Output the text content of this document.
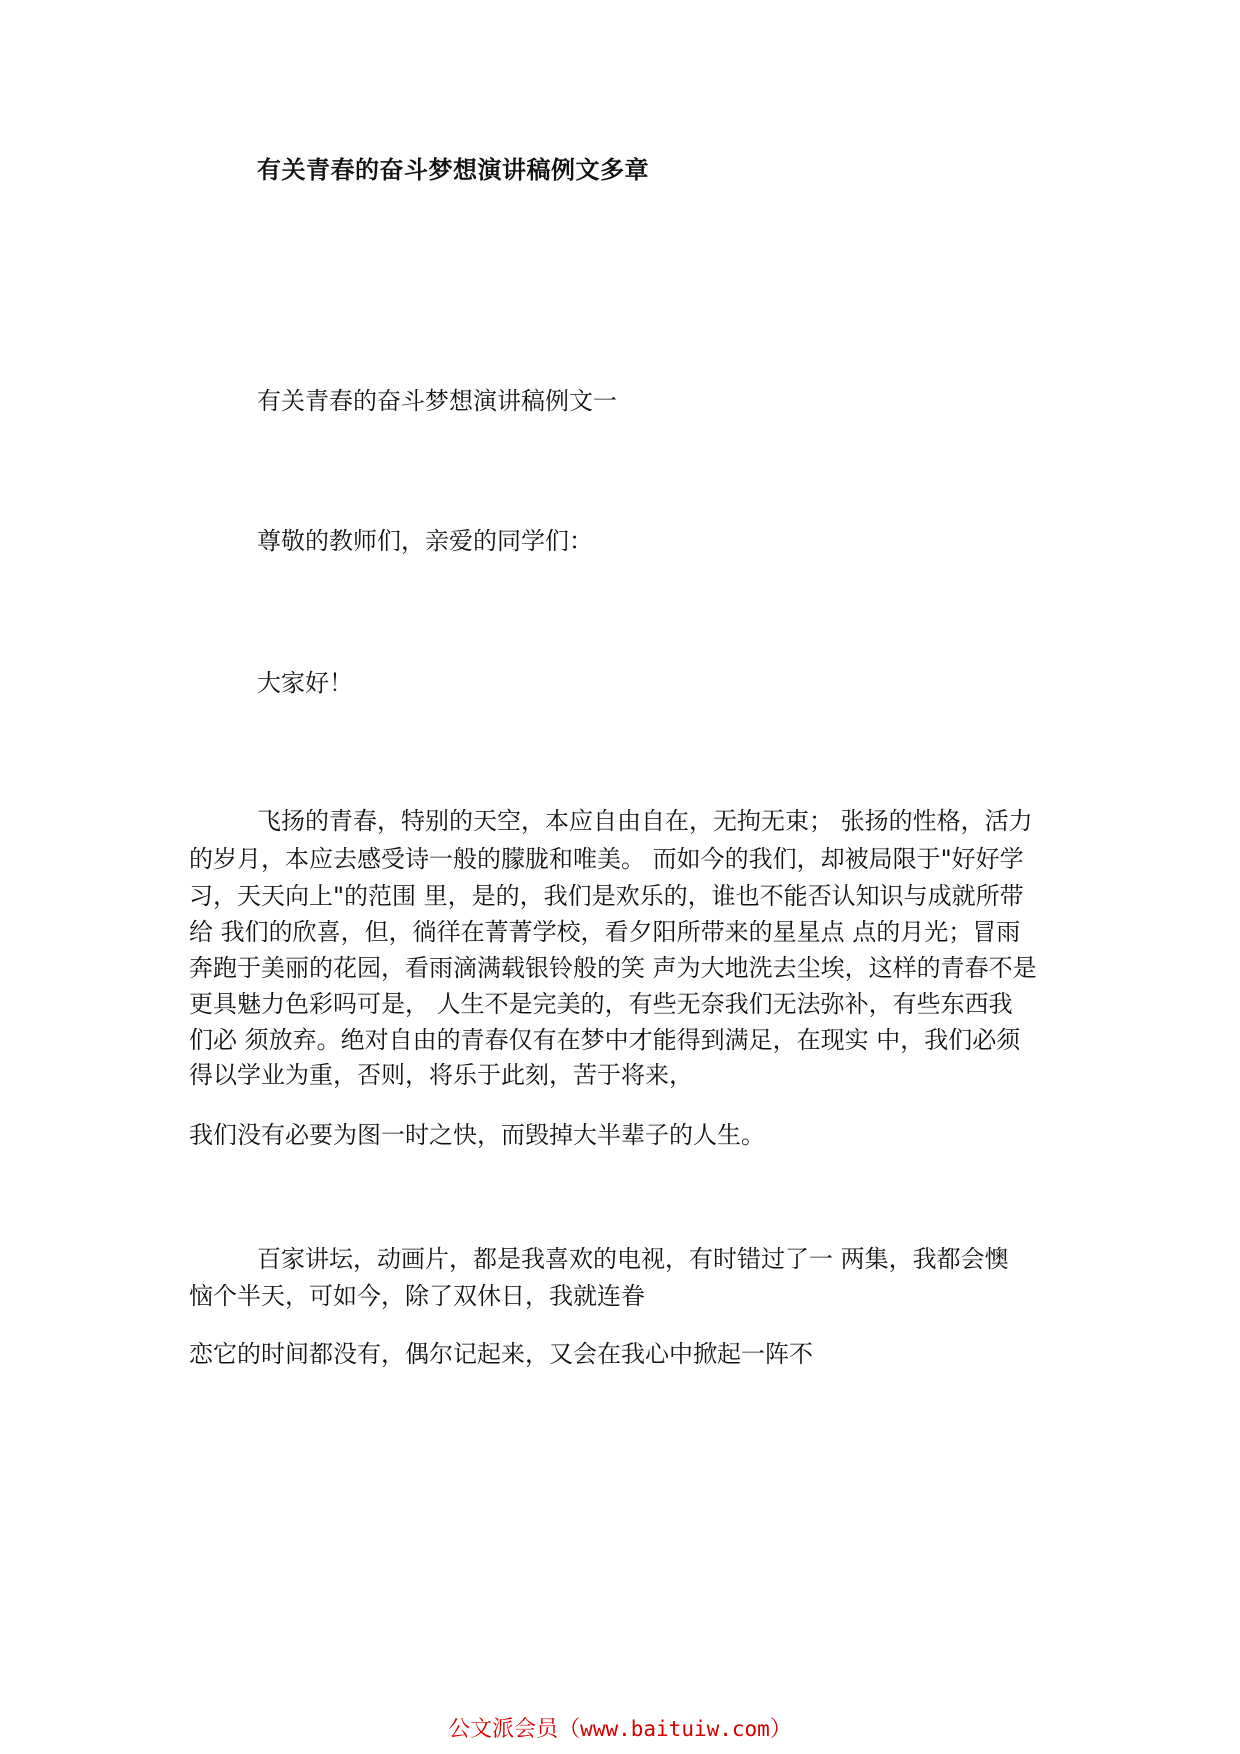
有关青春的奋斗梦想演讲稿例文多章
有关青春的奋斗梦想演讲稿例文一
尊敬的教师们，亲爱的同学们：
大家好！
飞扬的青春，特别的天空，本应自由自在，无拘无束； 张扬的性格，活力
的岁月，本应去感受诗一般的朦胧和唯美。 而如今的我们，却被局限于"好好学
习，天天向上"的范围 里，是的，我们是欢乐的，谁也不能否认知识与成就所带
给 我们的欣喜，但，徜徉在菁菁学校，看夕阳所带来的星星点 点的月光；冒雨
奔跑于美丽的花园，看雨滴满载银铃般的笑 声为大地洗去尘埃，这样的青春不是
更具魅力色彩吗可是， 人生不是完美的，有些无奈我们无法弥补，有些东西我
们必 须放弃。绝对自由的青春仅有在梦中才能得到满足，在现实 中，我们必须
得以学业为重，否则，将乐于此刻，苦于将来，
我们没有必要为图一时之快，而毁掉大半辈子的人生。
百家讲坛，动画片，都是我喜欢的电视，有时错过了一 两集，我都会懊
恼个半天，可如今，除了双休日，我就连眷
恋它的时间都没有，偶尔记起来，又会在我心中掀起一阵不
公文派会员（www.baituiw.com）
